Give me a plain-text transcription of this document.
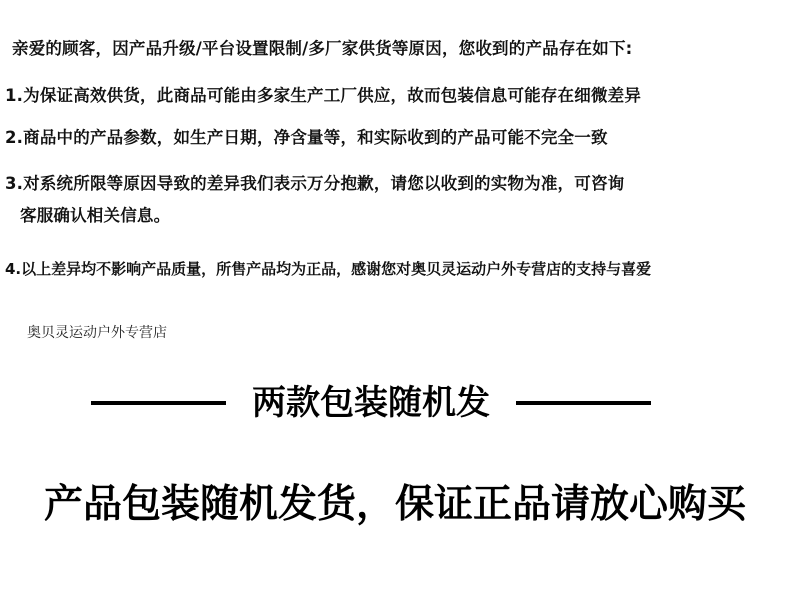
亲爱的顾客，因产品升级/平台设置限制/多厂家供货等原因，您收到的产品存在如下:
1.为保证高效供货，此商品可能由多家生产工厂供应，故而包装信息可能存在细微差异
2.商品中的产品参数，如生产日期，净含量等，和实际收到的产品可能不完全一致
3.对系统所限等原因导致的差异我们表示万分抱歉，请您以收到的实物为准，可咨询
客服确认相关信息。
4.以上差异均不影响产品质量，所售产品均为正品，感谢您对奥贝灵运动户外专营店的支持与喜爱
奥贝灵运动户外专营店
两款包装随机发
产品包装随机发货，保证正品请放心购买
